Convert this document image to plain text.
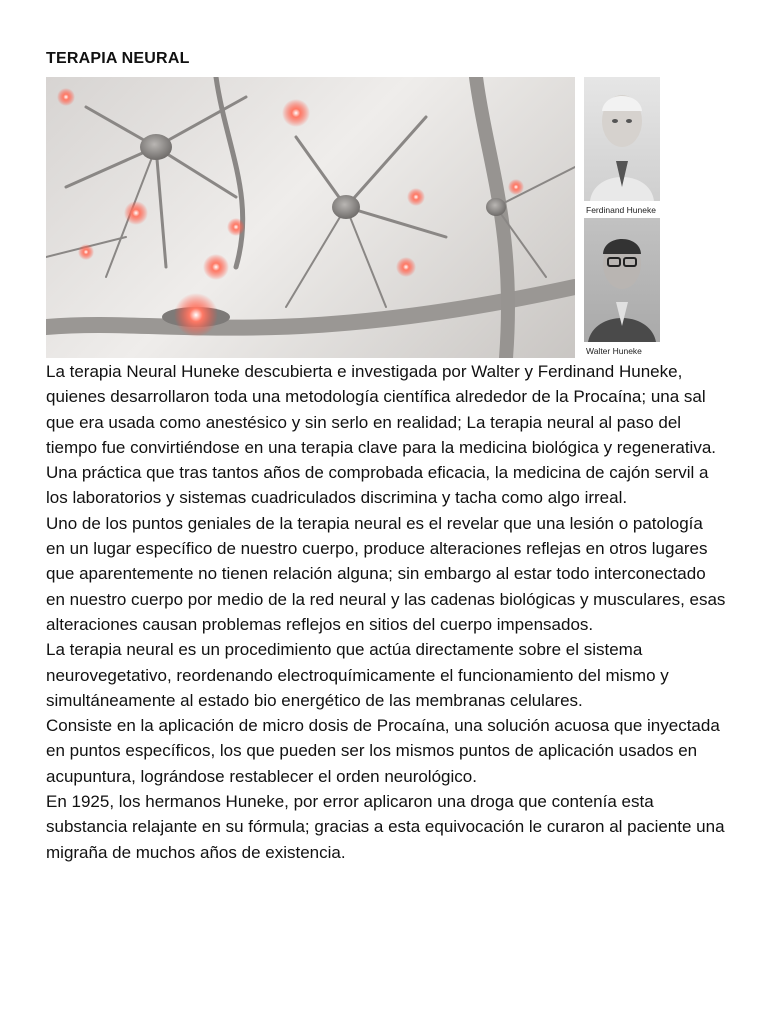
TERAPIA NEURAL
Ferdinand Huneke
Walter Huneke

La terapia Neural Huneke descubierta e investigada por Walter y Ferdinand Huneke, quienes desarrollaron toda una metodología científica alrededor de la Procaína; una sal que era usada como anestésico y sin serlo en realidad; La terapia neural al paso del tiempo fue convirtiéndose en una terapia clave para la medicina biológica y regenerativa.

Una práctica que tras tantos años de comprobada eficacia, la medicina de cajón servil a los laboratorios y sistemas cuadriculados discrimina y tacha como algo irreal.

Uno de los puntos geniales de la terapia neural es el revelar que una lesión o patología en un lugar específico de nuestro cuerpo, produce alteraciones reflejas en otros lugares que aparentemente no tienen relación alguna; sin embargo al estar todo interconectado en nuestro cuerpo por medio de la red neural y las cadenas biológicas y musculares, esas alteraciones causan problemas reflejos en sitios del cuerpo impensados.

La terapia neural es un procedimiento que actúa directamente sobre el sistema neurovegetativo, reordenando electroquímicamente el funcionamiento del mismo y simultáneamente al estado bio energético de las membranas celulares.

Consiste en la aplicación de micro dosis de Procaína, una solución acuosa que inyectada en puntos específicos, los que pueden ser los mismos puntos de aplicación usados en acupuntura, lográndose restablecer el orden neurológico.

En 1925, los hermanos Huneke, por error aplicaron una droga que contenía esta substancia relajante en su fórmula; gracias a esta equivocación le curaron al paciente una migraña de muchos años de existencia.
